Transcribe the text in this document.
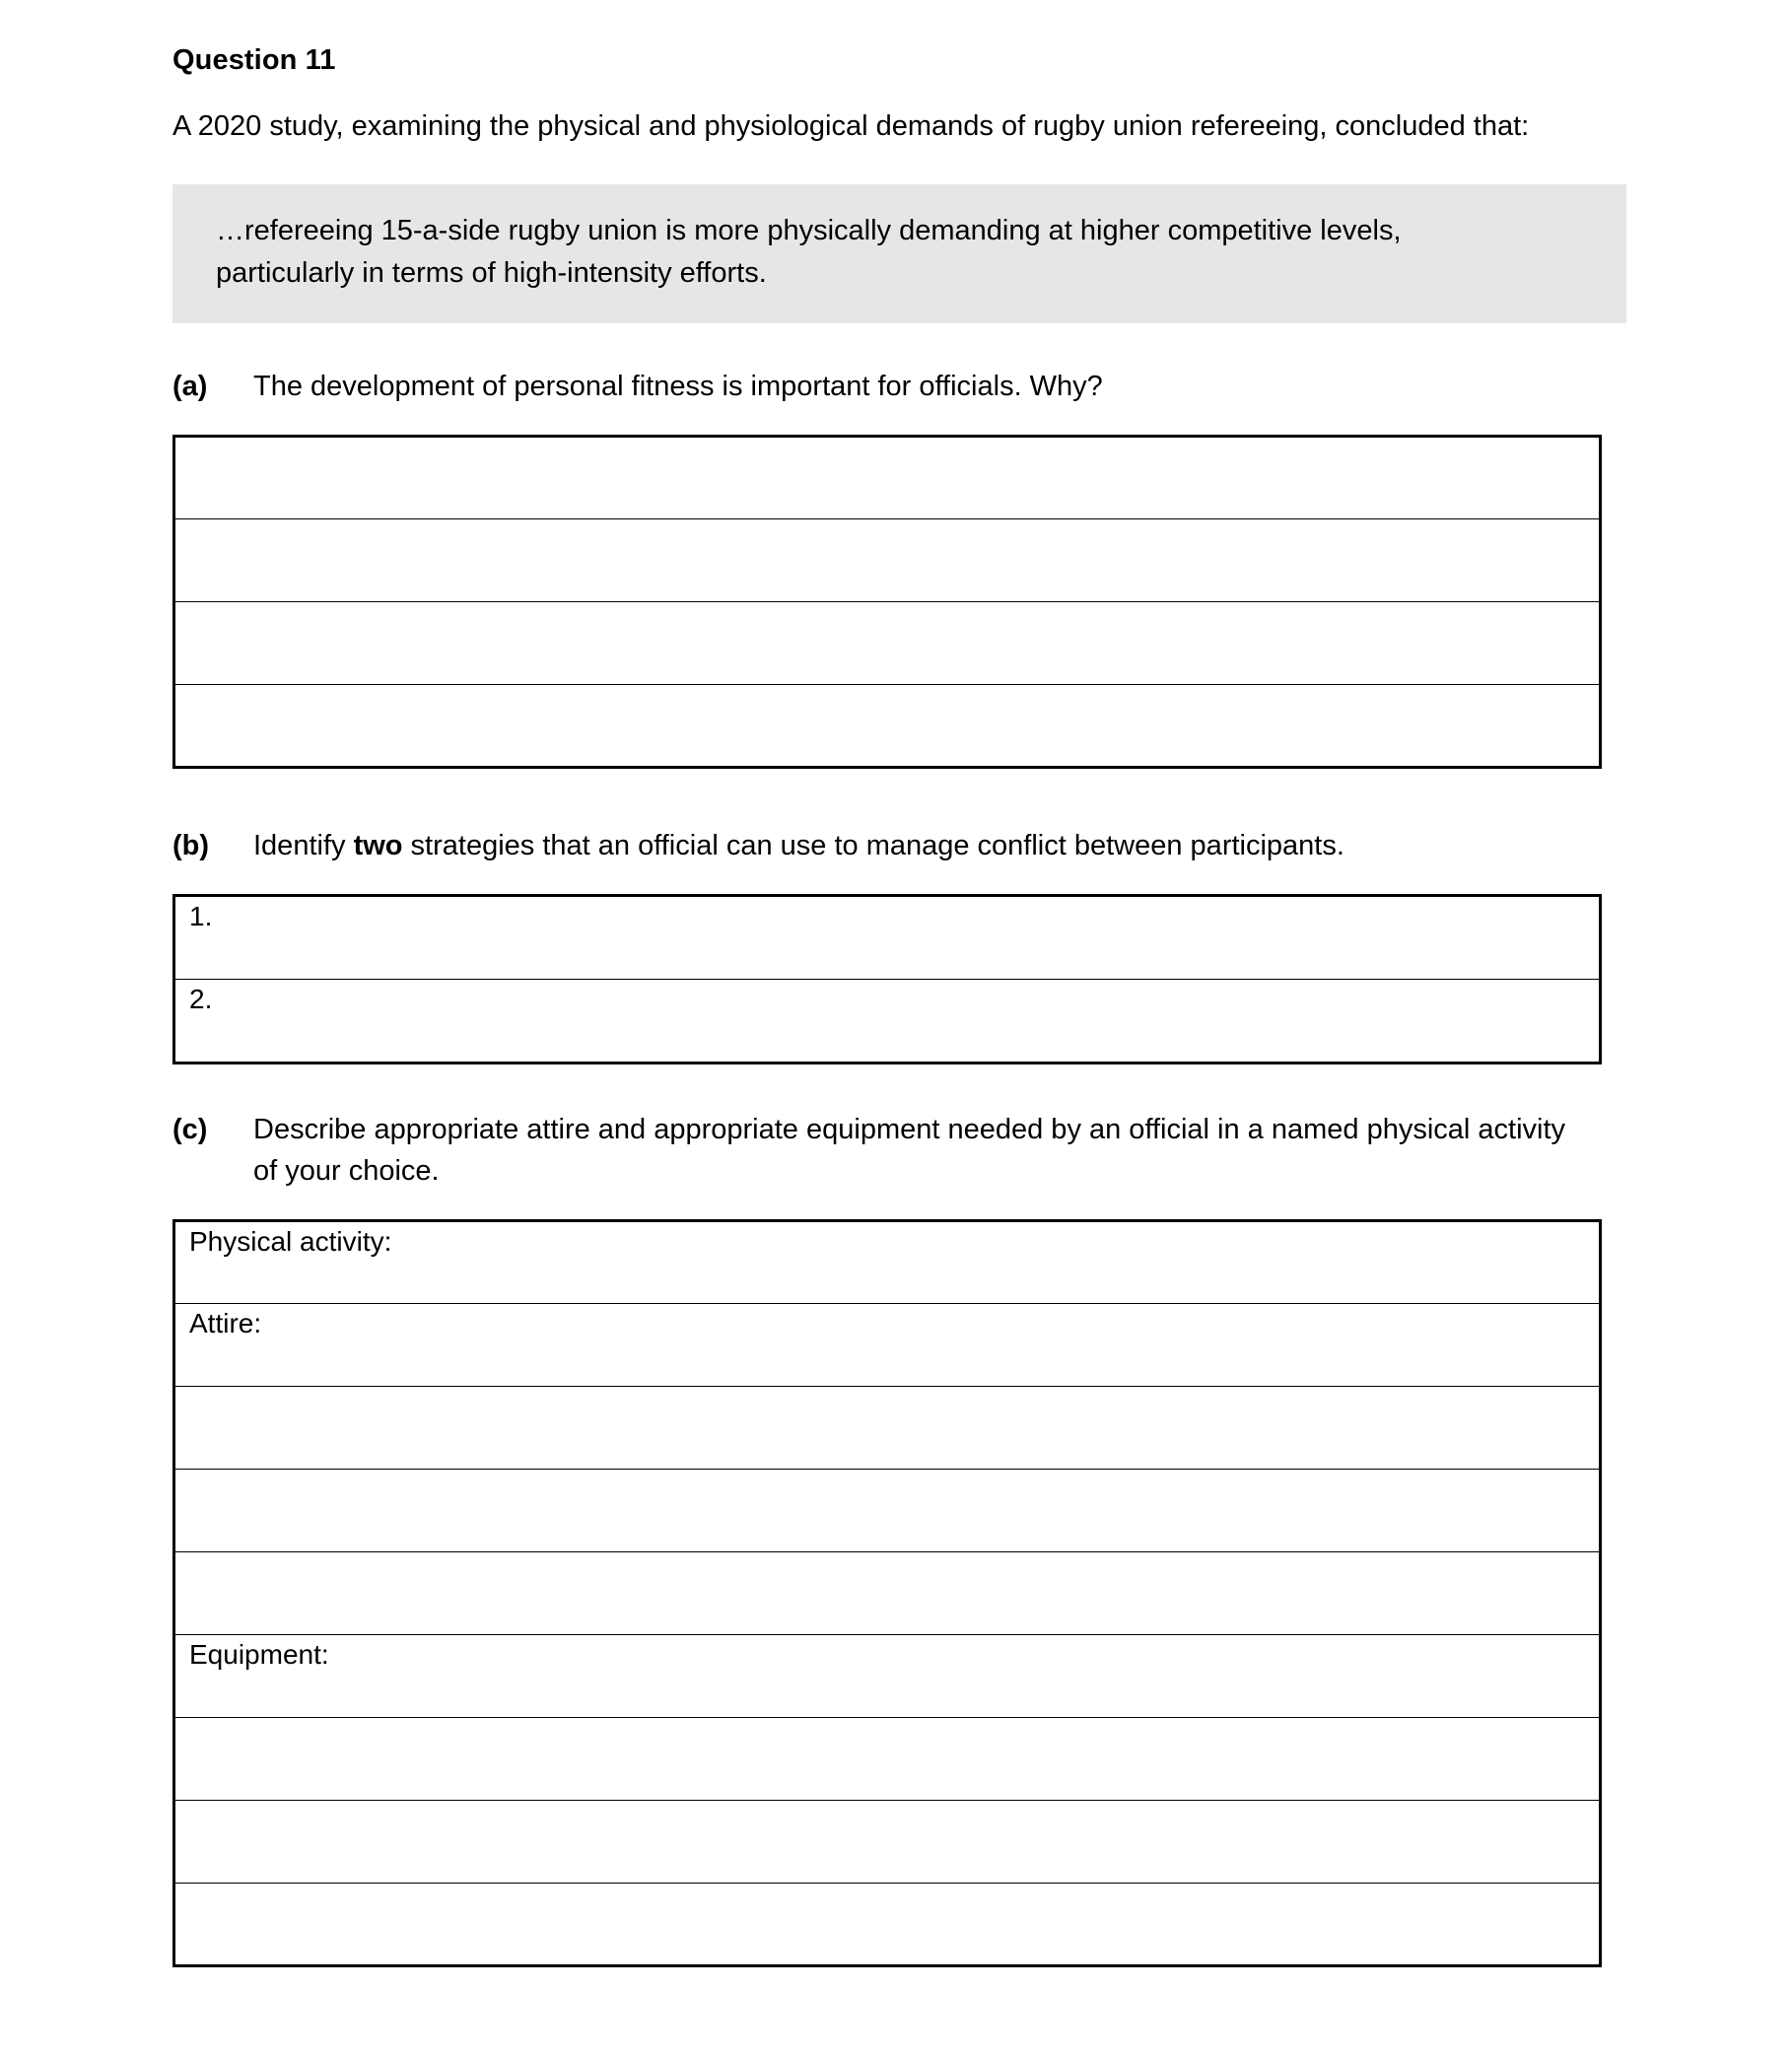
Question 11

A 2020 study, examining the physical and physiological demands of rugby union refereeing, concluded that:

…refereeing 15-a-side rugby union is more physically demanding at higher competitive levels, particularly in terms of high-intensity efforts.

(a)	The development of personal fitness is important for officials. Why?

(b)	Identify two strategies that an official can use to manage conflict between participants.
1.
2.
(c)	Describe appropriate attire and appropriate equipment needed by an official in a named physical activity of your choice.
Physical activity:
Attire:

Equipment:
